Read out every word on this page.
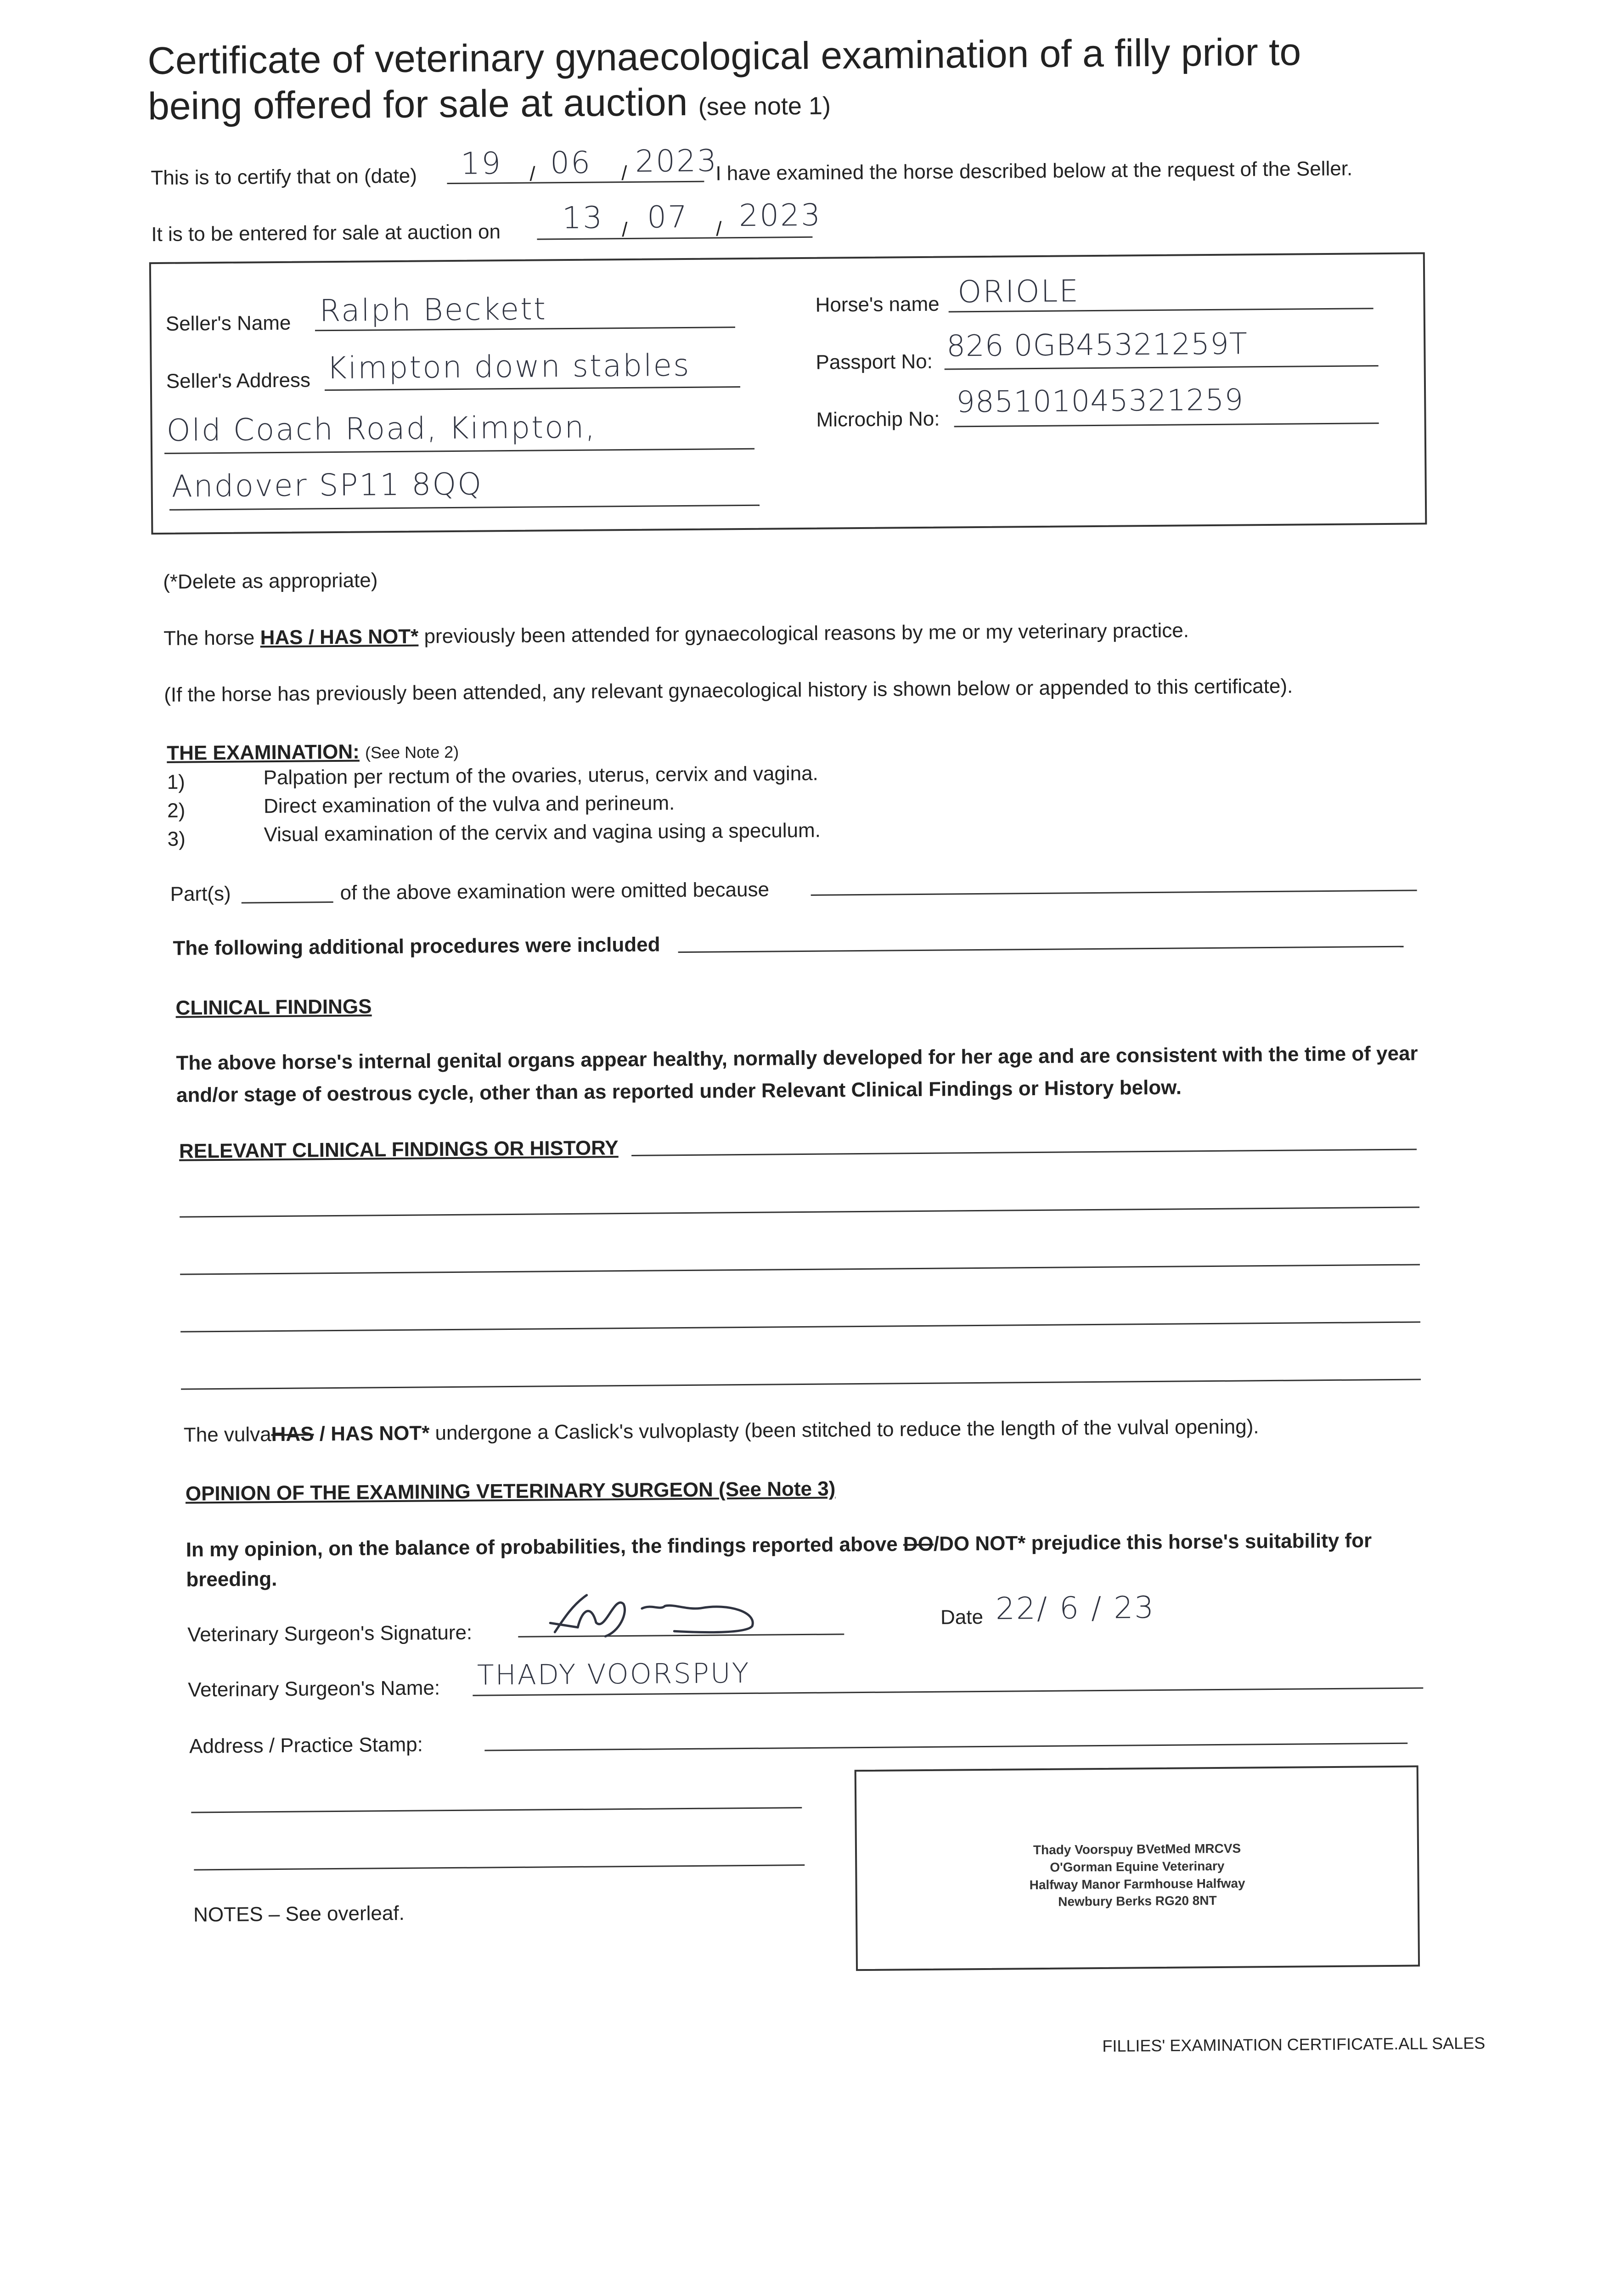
Certificate of veterinary gynaecological examination of a filly prior to
being offered for sale at auction (see note 1)
This is to certify that on (date) 19 / 06 / 2023
I have examined the horse described below at the request of the Seller.
It is to be entered for sale at auction on 13 / 07 / 2023
Seller's Name Ralph Beckett
Seller's Address Kimpton down stables
Old Coach Road, Kimpton,
Andover SP11 8QQ
Horse's name ORIOLE
Passport No: 826 0GB45321259T
Microchip No: 985101045321259
(*Delete as appropriate)
The horse HAS / HAS NOT* previously been attended for gynaecological reasons by me or my veterinary practice.
(If the horse has previously been attended, any relevant gynaecological history is shown below or appended to this certificate).
THE EXAMINATION: (See Note 2)
1)	Palpation per rectum of the ovaries, uterus, cervix and vagina.
2)	Direct examination of the vulva and perineum.
3)	Visual examination of the cervix and vagina using a speculum.
Part(s)	of the above examination were omitted because
The following additional procedures were included
CLINICAL FINDINGS
The above horse's internal genital organs appear healthy, normally developed for her age and are consistent with the time of year
and/or stage of oestrous cycle, other than as reported under Relevant Clinical Findings or History below.
RELEVANT CLINICAL FINDINGS OR HISTORY
The vulvaHAS / HAS NOT* undergone a Caslick's vulvoplasty (been stitched to reduce the length of the vulval opening).
OPINION OF THE EXAMINING VETERINARY SURGEON (See Note 3)
In my opinion, on the balance of probabilities, the findings reported above DO/DO NOT* prejudice this horse's suitability for
breeding.
Veterinary Surgeon's Signature:
Date 22/ 6 / 23
Veterinary Surgeon's Name: THADY VOORSPUY
Address / Practice Stamp:
Thady Voorspuy BVetMed MRCVS
O'Gorman Equine Veterinary
Halfway Manor Farmhouse Halfway
Newbury Berks RG20 8NT
NOTES – See overleaf.
FILLIES' EXAMINATION CERTIFICATE.ALL SALES
